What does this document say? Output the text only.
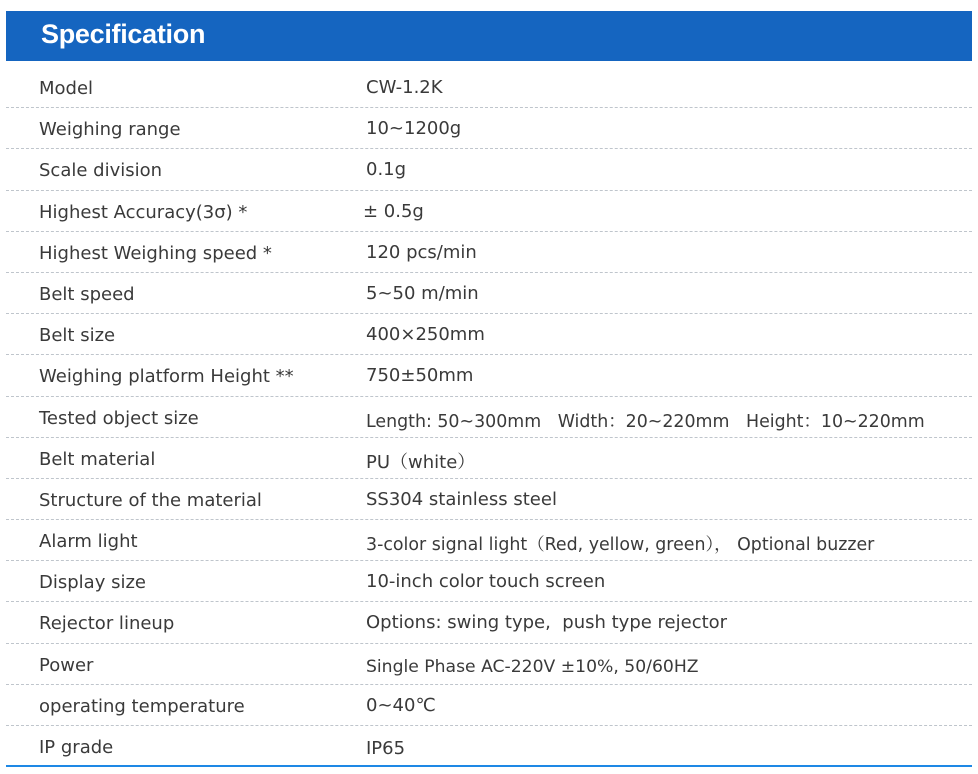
Specification
Model	CW-1.2K
Weighing range	10~1200g
Scale division	0.1g
Highest Accuracy(3σ) *	± 0.5g
Highest Weighing speed *	120 pcs/min
Belt speed	5~50 m/min
Belt size	400×250mm
Weighing platform Height **	750±50mm
Tested object size	Length: 50~300mm   Width：20~220mm   Height：10~220mm
Belt material	PU（white）
Structure of the material	SS304 stainless steel
Alarm light	3-color signal light（Red, yellow, green）， Optional buzzer
Display size	10-inch color touch screen
Rejector lineup	Options: swing type,  push type rejector
Power	Single Phase AC-220V ±10%, 50/60HZ
operating temperature	0~40℃
IP grade	IP65
